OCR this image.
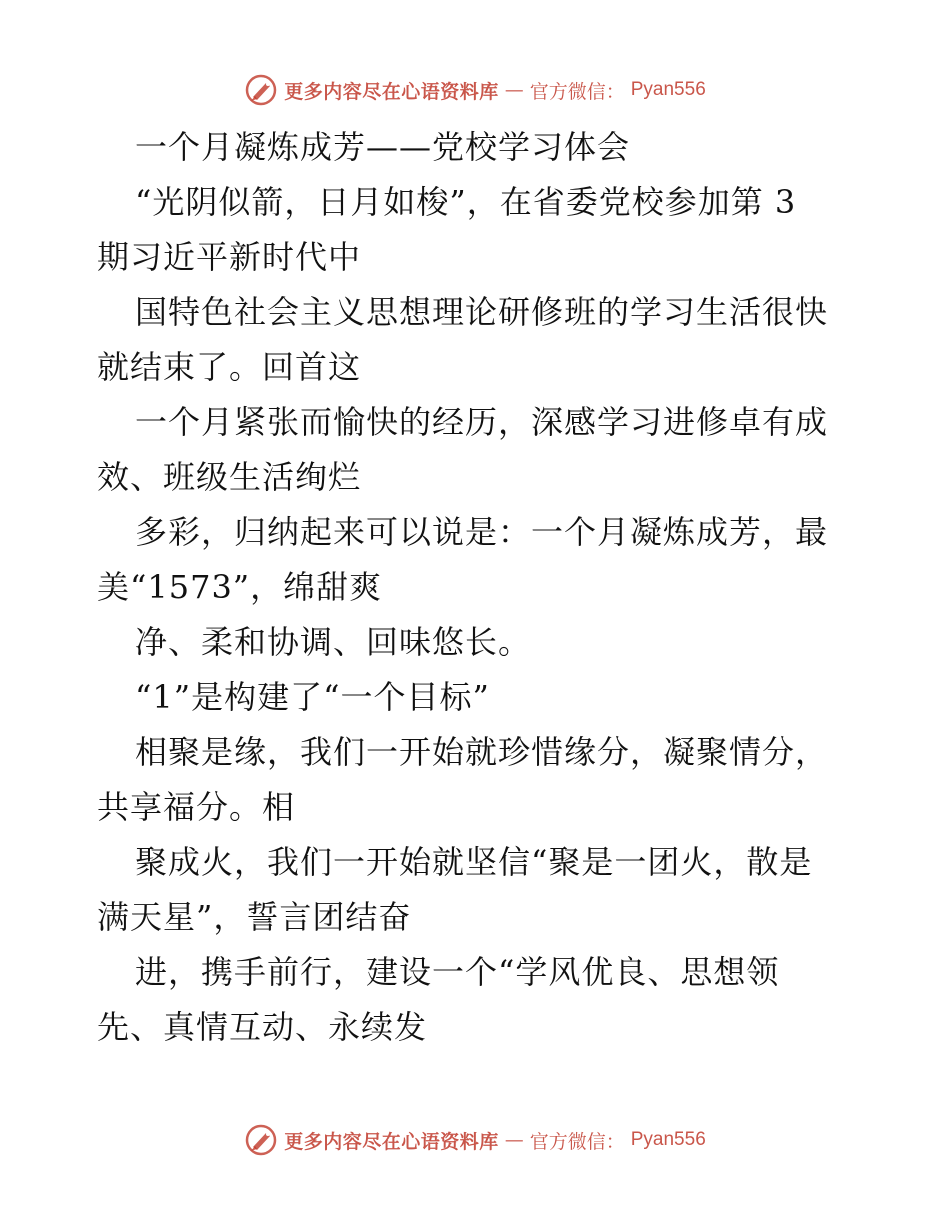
更多内容尽在心语资料库 — 官方微信： Pyan556
一个月凝炼成芳——党校学习体会
“光阴似箭，日月如梭”，在省委党校参加第 3
期习近平新时代中
国特色社会主义思想理论研修班的学习生活很快
就结束了。回首这
一个月紧张而愉快的经历，深感学习进修卓有成
效、班级生活绚烂
多彩，归纳起来可以说是：一个月凝炼成芳，最
美“1573”，绵甜爽
净、柔和协调、回味悠长。
“1”是构建了“一个目标”
相聚是缘，我们一开始就珍惜缘分，凝聚情分，
共享福分。相
聚成火，我们一开始就坚信“聚是一团火，散是
满天星”，誓言团结奋
进，携手前行，建设一个“学风优良、思想领
先、真情互动、永续发
更多内容尽在心语资料库 — 官方微信： Pyan556
